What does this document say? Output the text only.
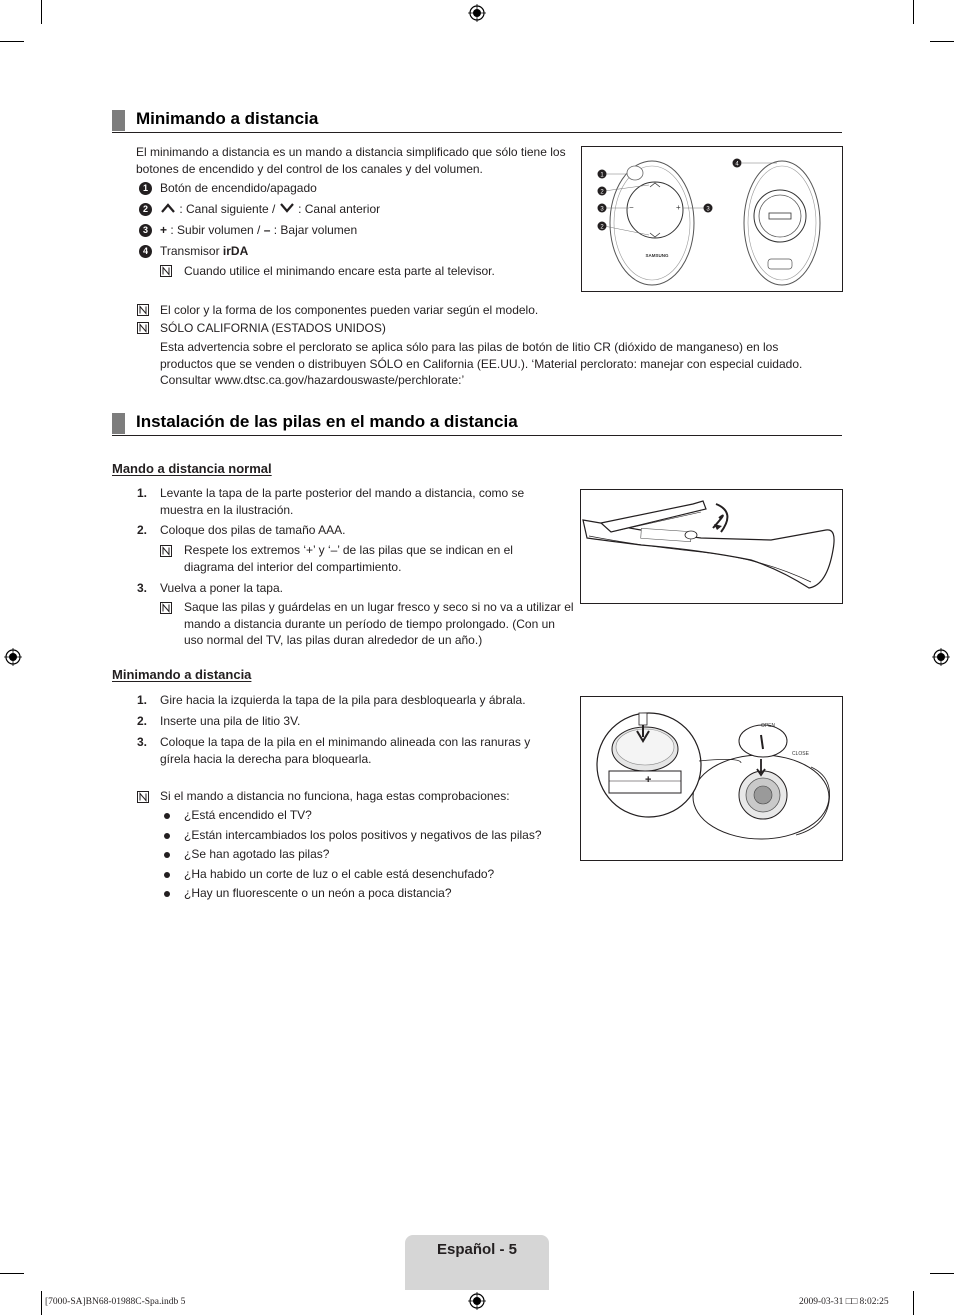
Minimando a distancia
El minimando a distancia es un mando a distancia simplificado que sólo tiene los botones de encendido y del control de los canales y del volumen.
1	Botón de encendido/apagado
2	: Canal siguiente /  : Canal anterior
3	+ : Subir volumen / – : Bajar volumen
4	Transmisor irDA
Cuando utilice el minimando encare esta parte al televisor.
+
−
SAMSUNG
1
2
3
2
3
4
El color y la forma de los componentes pueden variar según el modelo.
SÓLO CALIFORNIA (ESTADOS UNIDOS)
Esta advertencia sobre el perclorato se aplica sólo para las pilas de botón de litio CR (dióxido de manganeso) en los productos que se venden o distribuyen SÓLO en California (EE.UU.). ‘Material perclorato: manejar con especial cuidado. Consultar www.dtsc.ca.gov/hazardouswaste/perchlorate:’
Instalación de las pilas en el mando a distancia
Mando a distancia normal
1. Levante la tapa de la parte posterior del mando a distancia, como se muestra en la ilustración.
2. Coloque dos pilas de tamaño AAA.
Respete los extremos ‘+’ y ‘–’ de las pilas que se indican en el diagrama del interior del compartimiento.
3. Vuelva a poner la tapa.
Saque las pilas y guárdelas en un lugar fresco y seco si no va a utilizar el mando a distancia durante un período de tiempo prolongado. (Con un uso normal del TV, las pilas duran alrededor de un año.)
Minimando a distancia
1. Gire hacia la izquierda la tapa de la pila para desbloquearla y ábrala.
2. Inserte una pila de litio 3V.
3. Coloque la tapa de la pila en el minimando alineada con las ranuras y gírela hacia la derecha para bloquearla.
Si el mando a distancia no funciona, haga estas comprobaciones:
¿Está encendido el TV?
¿Están intercambiados los polos positivos y negativos de las pilas?
¿Se han agotado las pilas?
¿Ha habido un corte de luz o el cable está desenchufado?
¿Hay un fluorescente o un neón a poca distancia?
OPEN
CLOSE
+
Español - 5
[7000-SA]BN68-01988C-Spa.indb 5	2009-03-31 □□ 8:02:25
